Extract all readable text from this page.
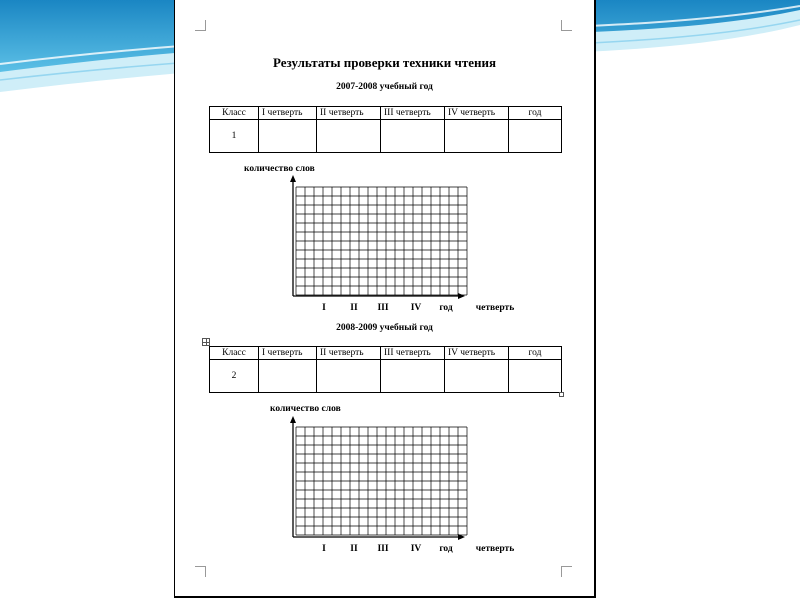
Результаты проверки техники чтения
2007-2008 учебный год
Класс	I четверть	II четверть	III четверть	IV четверть	год
1					
количество слов
I	II III IV год четверть
2008-2009 учебный год
Класс	I четверть	II четверть	III четверть	IV четверть	год
2					
количество слов
I	II III IV год четверть
